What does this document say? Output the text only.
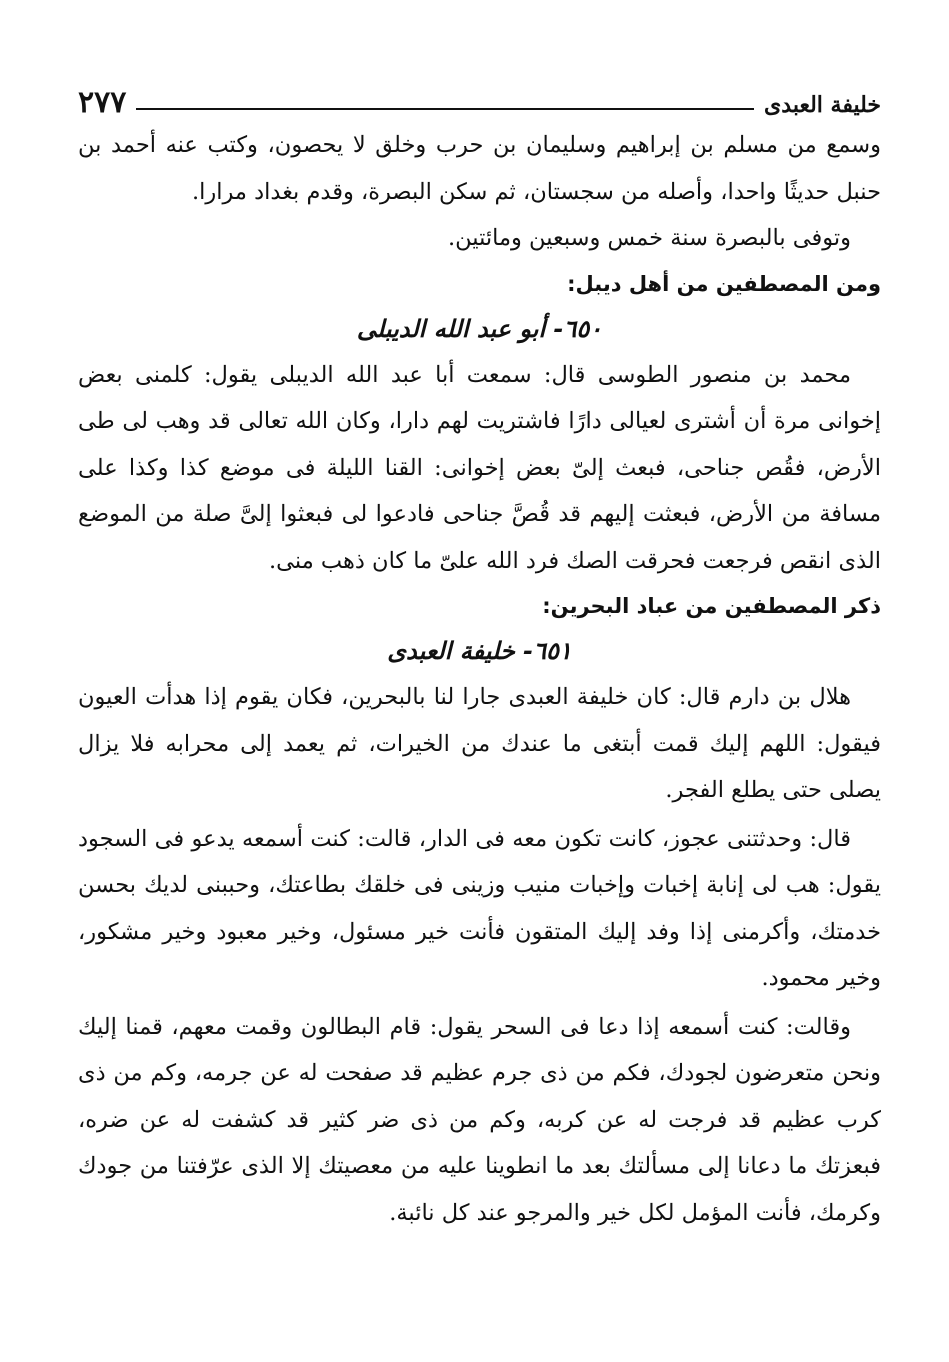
خليفة العبدى
٢٧٧

وسمع من مسلم بن إبراهيم وسليمان بن حرب وخلق لا يحصون، وكتب عنه أحمد بن حنبل حديثًا واحدا، وأصله من سجستان، ثم سكن البصرة، وقدم بغداد مرارا.

وتوفى بالبصرة سنة خمس وسبعين ومائتين.

ومن المصطفين من أهل ديبل:
٦٥٠- أبو عبد الله الديبلى

محمد بن منصور الطوسى قال: سمعت أبا عبد الله الديبلى يقول: كلمنى بعض إخوانى مرة أن أشترى لعيالى دارًا فاشتريت لهم دارا، وكان الله تعالى قد وهب لى طى الأرض، فقُص جناحى، فبعث إلىّ بعض إخوانى: القنا الليلة فى موضع كذا وكذا على مسافة من الأرض، فبعثت إليهم قد قُصَّ جناحى فادعوا لى فبعثوا إلىَّ صلة من الموضع الذى انقص فرجعت فحرقت الصك فرد الله علىّ ما كان ذهب منى.

ذكر المصطفين من عباد البحرين:
٦٥١- خليفة العبدى

هلال بن دارم قال: كان خليفة العبدى جارا لنا بالبحرين، فكان يقوم إذا هدأت العيون فيقول: اللهم إليك قمت أبتغى ما عندك من الخيرات، ثم يعمد إلى محرابه فلا يزال يصلى حتى يطلع الفجر.

قال: وحدثتنى عجوز، كانت تكون معه فى الدار، قالت: كنت أسمعه يدعو فى السجود يقول: هب لى إنابة إخبات وإخبات منيب وزينى فى خلقك بطاعتك، وحببنى لديك بحسن خدمتك، وأكرمنى إذا وفد إليك المتقون فأنت خير مسئول، وخير معبود وخير مشكور، وخير محمود.

وقالت: كنت أسمعه إذا دعا فى السحر يقول: قام البطالون وقمت معهم، قمنا إليك ونحن متعرضون لجودك، فكم من ذى جرم عظيم قد صفحت له عن جرمه، وكم من ذى كرب عظيم قد فرجت له عن كربه، وكم من ذى ضر كثير قد كشفت له عن ضره، فبعزتك ما دعانا إلى مسألتك بعد ما انطوينا عليه من معصيتك إلا الذى عرّفتنا من جودك وكرمك، فأنت المؤمل لكل خير والمرجو عند كل نائبة.
